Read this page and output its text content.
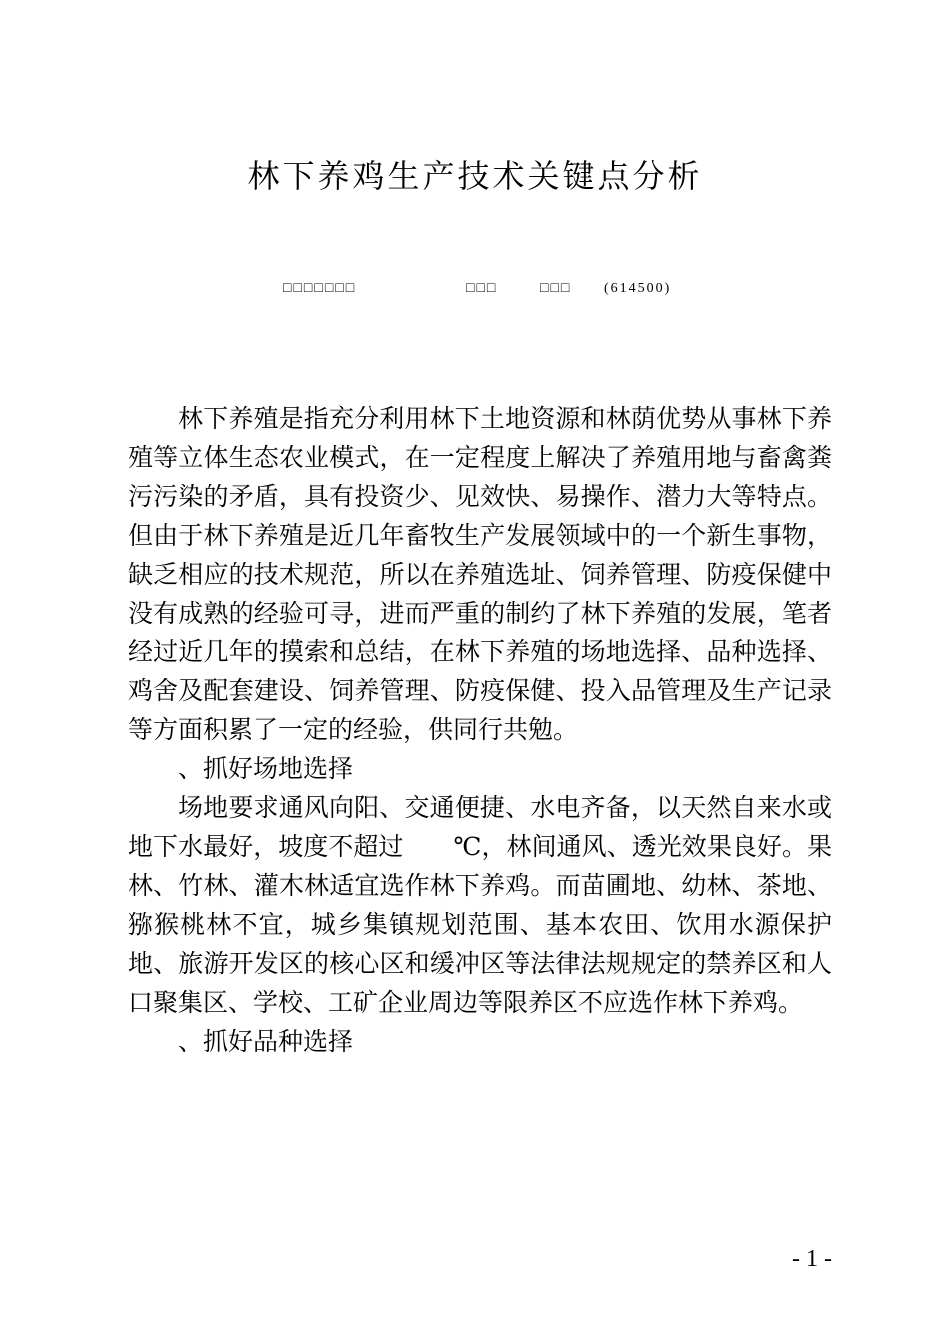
林下养鸡生产技术关键点分析
□□□□□□□	□□□	□□□ (614500)

林下养殖是指充分利用林下土地资源和林荫优势从事林下养殖等立体生态农业模式，在一定程度上解决了养殖用地与畜禽粪污污染的矛盾，具有投资少、见效快、易操作、潜力大等特点。但由于林下养殖是近几年畜牧生产发展领域中的一个新生事物，缺乏相应的技术规范，所以在养殖选址、饲养管理、防疫保健中没有成熟的经验可寻，进而严重的制约了林下养殖的发展，笔者经过近几年的摸索和总结，在林下养殖的场地选择、品种选择、鸡舍及配套建设、饲养管理、防疫保健、投入品管理及生产记录等方面积累了一定的经验，供同行共勉。

、抓好场地选择

场地要求通风向阳、交通便捷、水电齐备，以天然自来水或地下水最好，坡度不超过　　℃，林间通风、透光效果良好。果林、竹林、灌木林适宜选作林下养鸡。而苗圃地、幼林、茶地、猕猴桃林不宜，城乡集镇规划范围、基本农田、饮用水源保护地、旅游开发区的核心区和缓冲区等法律法规规定的禁养区和人口聚集区、学校、工矿企业周边等限养区不应选作林下养鸡。

、抓好品种选择

- 1 -
